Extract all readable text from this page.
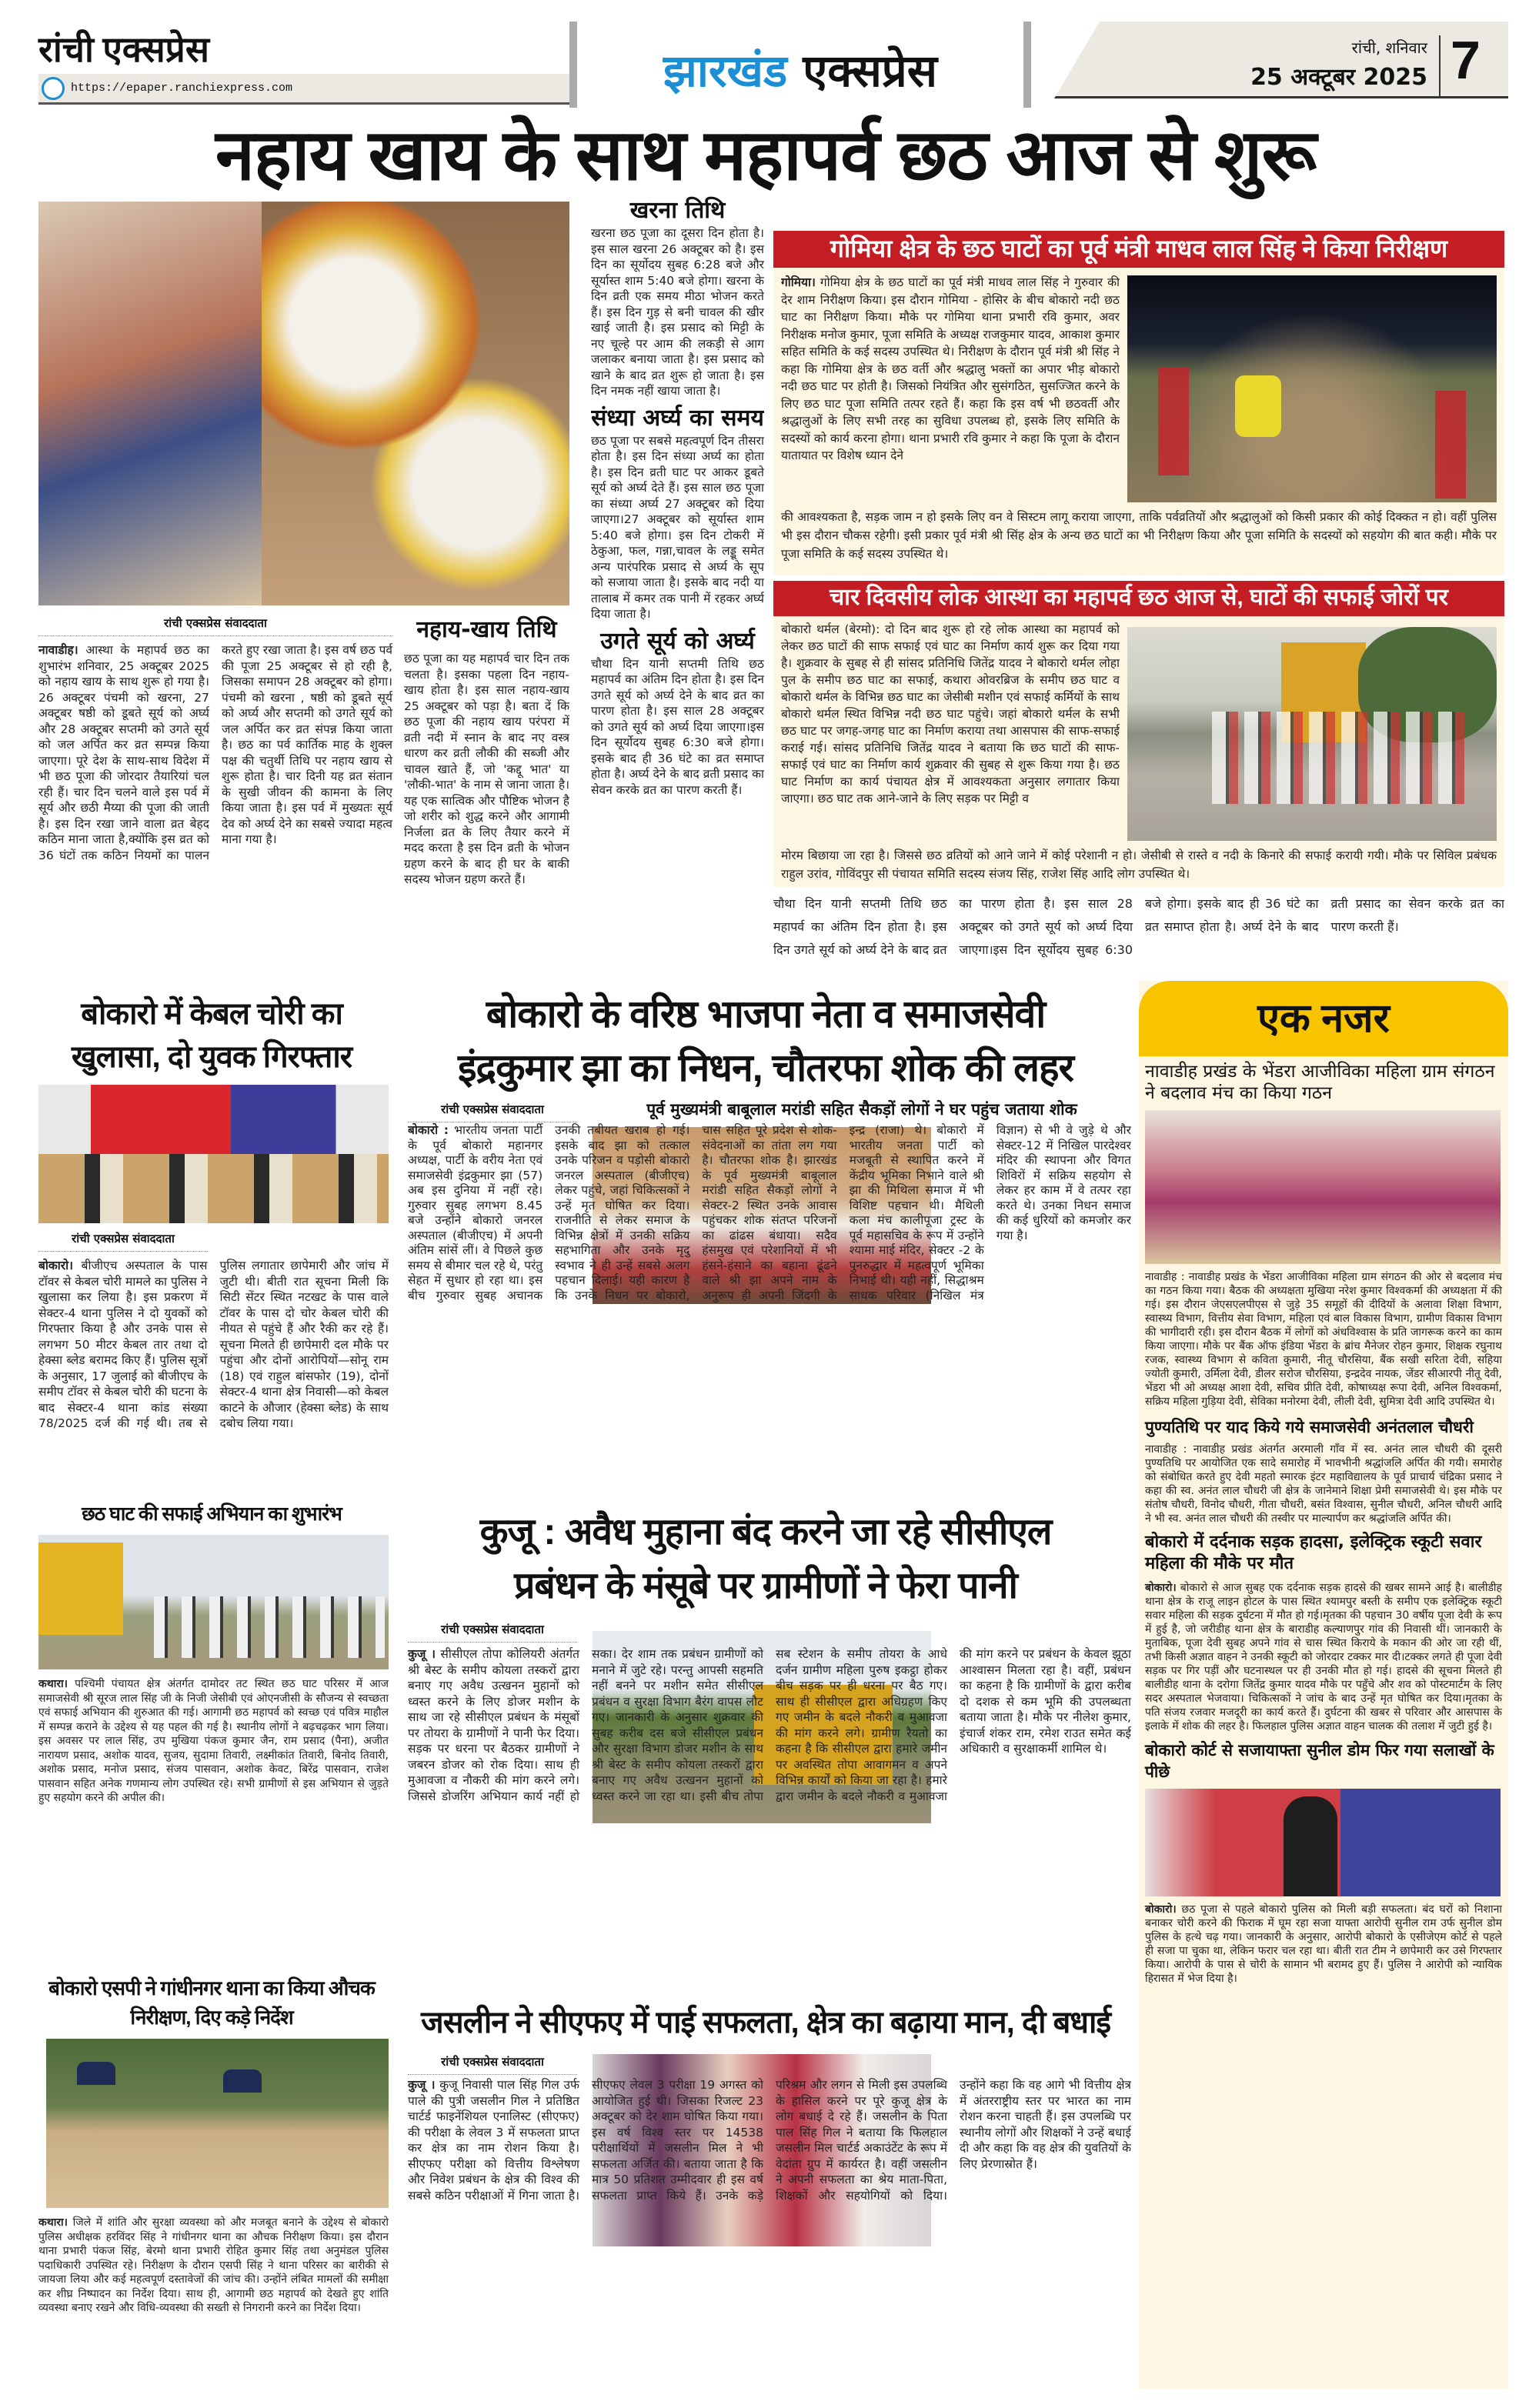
रांची एक्सप्रेस
https://epaper.ranchiexpress.com	झारखंड एक्सप्रेस	रांची, शनिवार
25 अक्टूबर 2025 7
नहाय खाय के साथ महापर्व छठ आज से शुरू
रांची एक्सप्रेस संवाददाता
नावाडीह। आस्था के महापर्व छठ का शुभारंभ शनिवार, 25 अक्टूबर 2025 को नहाय खाय के साथ शुरू हो गया है। 26 अक्टूबर पंचमी को खरना, 27 अक्टूबर षष्ठी को डूबते सूर्य को अर्घ्य और 28 अक्टूबर सप्तमी को उगते सूर्य को जल अर्पित कर व्रत सम्पन्न किया जाएगा। पूरे देश के साथ-साथ विदेश में भी छठ पूजा की जोरदार तैयारियां चल रही हैं। चार दिन चलने वाले इस पर्व में सूर्य और छठी मैय्या की पूजा की जाती है। इस दिन रखा जाने वाला व्रत बेहद कठिन माना जाता है,क्योंकि इस व्रत को 36 घंटों तक कठिन नियमों का पालन करते हुए रखा जाता है। इस वर्ष छठ पर्व की पूजा 25 अक्टूबर से हो रही है, जिसका समापन 28 अक्टूबर को होगा। पंचमी को खरना , षष्ठी को डूबते सूर्य को अर्घ्य और सप्तमी को उगते सूर्य को जल अर्पित कर व्रत संपन्न किया जाता है। छठ का पर्व कार्तिक माह के शुक्ल पक्ष की चतुर्थी तिथि पर नहाय खाय से शुरू होता है। चार दिनी यह व्रत संतान के सुखी जीवन की कामना के लिए किया जाता है। इस पर्व में मुख्यतः सूर्य देव को अर्घ्य देने का सबसे ज्यादा महत्व माना गया है।
नहाय-खाय तिथि
छठ पूजा का यह महापर्व चार दिन तक चलता है। इसका पहला दिन नहाय-खाय होता है। इस साल नहाय-खाय 25 अक्टूबर को पड़ा है। बता दें कि छठ पूजा की नहाय खाय परंपरा में व्रती नदी में स्नान के बाद नए वस्त्र धारण कर व्रती लौकी की सब्जी और चावल खाते हैं, जो 'कद्दू भात' या 'लौकी-भात' के नाम से जाना जाता है। यह एक सात्विक और पौष्टिक भोजन है जो शरीर को शुद्ध करने और आगामी निर्जला व्रत के लिए तैयार करने में मदद करता है इस दिन व्रती के भोजन ग्रहण करने के बाद ही घर के बाकी सदस्य भोजन ग्रहण करते हैं।
खरना तिथि
खरना छठ पूजा का दूसरा दिन होता है। इस साल खरना 26 अक्टूबर को है। इस दिन का सूर्योदय सुबह 6:28 बजे और सूर्यास्त शाम 5:40 बजे होगा। खरना के दिन व्रती एक समय मीठा भोजन करते हैं। इस दिन गुड़ से बनी चावल की खीर खाई जाती है। इस प्रसाद को मिट्टी के नए चूल्हे पर आम की लकड़ी से आग जलाकर बनाया जाता है। इस प्रसाद को खाने के बाद व्रत शुरू हो जाता है। इस दिन नमक नहीं खाया जाता है।
संध्या अर्घ्य का समय
छठ पूजा पर सबसे महत्वपूर्ण दिन तीसरा होता है। इस दिन संध्या अर्घ्य का होता है। इस दिन व्रती घाट पर आकर डूबते सूर्य को अर्घ्य देते हैं। इस साल छठ पूजा का संध्या अर्घ्य 27 अक्टूबर को दिया जाएगा।27 अक्टूबर को सूर्यास्त शाम 5:40 बजे होगा। इस दिन टोकरी में ठेकुआ, फल, गन्ना,चावल के लड्डू समेत अन्य पारंपरिक प्रसाद से अर्घ्य के सूप को सजाया जाता है। इसके बाद नदी या तालाब में कमर तक पानी में रहकर अर्घ्य दिया जाता है।
उगते सूर्य को अर्घ्य
चौथा दिन यानी सप्तमी तिथि छठ महापर्व का अंतिम दिन होता है। इस दिन उगते सूर्य को अर्घ्य देने के बाद व्रत का पारण होता है। इस साल 28 अक्टूबर को उगते सूर्य को अर्घ्य दिया जाएगा।इस दिन सूर्योदय सुबह 6:30 बजे होगा। इसके बाद ही 36 घंटे का व्रत समाप्त होता है। अर्घ्य देने के बाद व्रती प्रसाद का सेवन करके व्रत का पारण करती हैं।
गोमिया क्षेत्र के छठ घाटों का पूर्व मंत्री माधव लाल सिंह ने किया निरीक्षण
गोमिया। गोमिया क्षेत्र के छठ घाटों का पूर्व मंत्री माधव लाल सिंह ने गुरुवार की देर शाम निरीक्षण किया। इस दौरान गोमिया - होसिर के बीच बोकारो नदी छठ घाट का निरीक्षण किया। मौके पर गोमिया थाना प्रभारी रवि कुमार, अवर निरीक्षक मनोज कुमार, पूजा समिति के अध्यक्ष राजकुमार यादव, आकाश कुमार सहित समिति के कई सदस्य उपस्थित थे। निरीक्षण के दौरान पूर्व मंत्री श्री सिंह ने कहा कि गोमिया क्षेत्र के छठ वर्ती और श्रद्धालु भक्तों का अपार भीड़ बोकारो नदी छठ घाट पर होती है। जिसको नियंत्रित और सुसंगठित, सुसज्जित करने के लिए छठ घाट पूजा समिति तत्पर रहते हैं। कहा कि इस वर्ष भी छठवर्ती और श्रद्धालुओं के लिए सभी तरह का सुविधा उपलब्ध हो, इसके लिए समिति के सदस्यों को कार्य करना होगा। थाना प्रभारी रवि कुमार ने कहा कि पूजा के दौरान यातायात पर विशेष ध्यान देने
की आवश्यकता है, सड़क जाम न हो इसके लिए वन वे सिस्टम लागू कराया जाएगा, ताकि पर्वव्रतियों और श्रद्धालुओं को किसी प्रकार की कोई दिक्कत न हो। वहीं पुलिस भी इस दौरान चौकस रहेगी। इसी प्रकार पूर्व मंत्री श्री सिंह क्षेत्र के अन्य छठ घाटों का भी निरीक्षण किया और पूजा समिति के सदस्यों को सहयोग की बात कही। मौके पर पूजा समिति के कई सदस्य उपस्थित थे।
चार दिवसीय लोक आस्था का महापर्व छठ आज से, घाटों की सफाई जोरों पर
बोकारो थर्मल (बेरमो): दो दिन बाद शुरू हो रहे लोक आस्था का महापर्व को लेकर छठ घाटों की साफ सफाई एवं घाट का निर्माण कार्य शुरू कर दिया गया है। शुक्रवार के सुबह से ही सांसद प्रतिनिधि जितेंद्र यादव ने बोकारो थर्मल लोहा पुल के समीप छठ घाट का सफाई, कथारा ओवरब्रिज के समीप छठ घाट व बोकारो थर्मल के विभिन्न छठ घाट का जेसीबी मशीन एवं सफाई कर्मियों के साथ बोकारो थर्मल स्थित विभिन्न नदी छठ घाट पहुंचे। जहां बोकारो थर्मल के सभी छठ घाट पर जगह-जगह घाट का निर्माण कराया तथा आसपास की साफ-सफाई कराई गई। सांसद प्रतिनिधि जितेंद्र यादव ने बताया कि छठ घाटों की साफ-सफाई एवं घाट का निर्माण कार्य शुक्रवार की सुबह से शुरू किया गया है। छठ घाट निर्माण का कार्य पंचायत क्षेत्र में आवश्यकता अनुसार लगातार किया जाएगा। छठ घाट तक आने-जाने के लिए सड़क पर मिट्टी व
मोरम बिछाया जा रहा है। जिससे छठ व्रतियों को आने जाने में कोई परेशानी न हो। जेसीबी से रास्ते व नदी के किनारे की सफाई करायी गयी। मौके पर सिविल प्रबंधक राहुल उरांव, गोविंदपुर सी पंचायत समिति सदस्य संजय सिंह, राजेश सिंह आदि लोग उपस्थित थे।
चौथा दिन यानी सप्तमी तिथि छठ महापर्व का अंतिम दिन होता है। इस दिन उगते सूर्य को अर्घ्य देने के बाद व्रत का पारण होता है। इस साल 28 अक्टूबर को उगते सूर्य को अर्घ्य दिया जाएगा।इस दिन सूर्योदय सुबह 6:30 बजे होगा। इसके बाद ही 36 घंटे का व्रत समाप्त होता है। अर्घ्य देने के बाद व्रती प्रसाद का सेवन करके व्रत का पारण करती हैं।
बोकारो में केबल चोरी का खुलासा, दो युवक गिरफ्तार
रांची एक्सप्रेस संवाददाता
बोकारो। बीजीएच अस्पताल के पास टॉवर से केबल चोरी मामले का पुलिस ने खुलासा कर लिया है। इस प्रकरण में सेक्टर-4 थाना पुलिस ने दो युवकों को गिरफ्तार किया है और उनके पास से लगभग 50 मीटर केबल तार तथा दो हेक्सा ब्लेड बरामद किए हैं। पुलिस सूत्रों के अनुसार, 17 जुलाई को बीजीएच के समीप टॉवर से केबल चोरी की घटना के बाद सेक्टर-4 थाना कांड संख्या 78/2025 दर्ज की गई थी। तब से पुलिस लगातार छापेमारी और जांच में जुटी थी। बीती रात सूचना मिली कि सिटी सेंटर स्थित नटखट के पास वाले टॉवर के पास दो चोर केबल चोरी की नीयत से पहुंचे हैं और रैकी कर रहे हैं। सूचना मिलते ही छापेमारी दल मौके पर पहुंचा और दोनों आरोपियों—सोनू राम (18) एवं राहुल बांसफोर (19), दोनों सेक्टर-4 थाना क्षेत्र निवासी—को केबल काटने के औजार (हेक्सा ब्लेड) के साथ दबोच लिया गया।
बोकारो के वरिष्ठ भाजपा नेता व समाजसेवी
इंद्रकुमार झा का निधन, चौतरफा शोक की लहर
रांची एक्सप्रेस संवाददाता	पूर्व मुख्यमंत्री बाबूलाल मरांडी सहित सैकड़ों लोगों ने घर पहुंच जताया शोक
बोकारो : भारतीय जनता पार्टी के पूर्व बोकारो महानगर अध्यक्ष, पार्टी के वरीय नेता एवं समाजसेवी इंद्रकुमार झा (57) अब इस दुनिया में नहीं रहे। गुरुवार सुबह लगभग 8.45 बजे उन्होंने बोकारो जनरल अस्पताल (बीजीएच) में अपनी अंतिम सांसें लीं। वे पिछले कुछ समय से बीमार चल रहे थे, परंतु सेहत में सुधार हो रहा था। इस बीच गुरुवार सुबह अचानक उनकी तबीयत खराब हो गई। इसके बाद झा को तत्काल उनके परिजन व पड़ोसी बोकारो जनरल अस्पताल (बीजीएच) लेकर पहुंचे, जहां चिकित्सकों ने उन्हें मृत घोषित कर दिया। राजनीति से लेकर समाज के विभिन्न क्षेत्रों में उनकी सक्रिय सहभागिता और उनके मृदु स्वभाव ने ही उन्हें सबसे अलग पहचान दिलाई। यही कारण है कि उनके निधन पर बोकारो, चास सहित पूरे प्रदेश से शोक-संवेदनाओं का तांता लग गया है। चौतरफा शोक है। झारखंड के पूर्व मुख्यमंत्री बाबूलाल मरांडी सहित सैकड़ों लोगों ने सेक्टर-2 स्थित उनके आवास पहुंचकर शोक संतप्त परिजनों का ढांढस बंधाया। सदैव हंसमुख एवं परेशानियों में भी हंसने-हंसाने का बहाना ढूंढने वाले श्री झा अपने नाम के अनुरूप ही अपनी जिंदगी के इन्द्र (राजा) थे। बोकारो में भारतीय जनता पार्टी को मजबूती से स्थापित करने में केंद्रीय भूमिका निभाने वाले श्री झा की मिथिला समाज में भी विशिष्ट पहचान थी। मैथिली कला मंच कालीपूजा ट्रस्ट के पूर्व महासचिव के रूप में उन्होंने श्यामा माई मंदिर, सेक्टर -2 के पुनरुद्धार में महत्वपूर्ण भूमिका निभाई थी। यही नहीं, सिद्धाश्रम साधक परिवार (निखिल मंत्र विज्ञान) से भी वे जुड़े थे और सेक्टर-12 में निखिल पारदेश्वर मंदिर की स्थापना और विगत शिविरों में सक्रिय सहयोग से लेकर हर काम में वे तत्पर रहा करते थे। उनका निधन समाज की कई धुरियों को कमजोर कर गया है।
एक नजर
नावाडीह प्रखंड के भेंडरा आजीविका महिला ग्राम संगठन ने बदलाव मंच का किया गठन
नावाडीह : नावाडीह प्रखंड के भेंडरा आजीविका महिला ग्राम संगठन की ओर से बदलाव मंच का गठन किया गया। बैठक की अध्यक्षता मुखिया नरेश कुमार विश्वकर्मा की अध्यक्षता में की गई। इस दौरान जेएसएलपीएस से जुड़े 35 समूहों की दीदियों के अलावा शिक्षा विभाग, स्वास्थ्य विभाग, वित्तीय सेवा विभाग, महिला एवं बाल विकास विभाग, ग्रामीण विकास विभाग की भागीदारी रही। इस दौरान बैठक में लोगों को अंधविश्वास के प्रति जागरूक करने का काम किया जाएगा। मौके पर बैंक ऑफ इंडिया भेंडरा के ब्रांच मैनेजर रोहन कुमार, शिक्षक रघुनाथ रजक, स्वास्थ्य विभाग से कविता कुमारी, नीतू चौरसिया, बैंक सखी सरिता देवी, सहिया ज्योती कुमारी, उर्मिला देवी, डीलर सरोज चौरसिया, इन्द्रदेव नायक, जेंडर सीआरपी नीतू देवी, भेंडरा भी ओ अध्यक्ष आशा देवी, सचिव प्रीति देवी, कोषाध्यक्ष रूपा देवी, अनिल विश्वकर्मा, सक्रिय महिला गुड़िया देवी, सेविका मनोरमा देवी, लीली देवी, सुमित्रा देवी आदि उपस्थित थे।
पुण्यतिथि पर याद किये गये समाजसेवी अनंतलाल चौधरी
नावाडीह : नावाडीह प्रखंड अंतर्गत अरमाली गाँव में स्व. अनंत लाल चौधरी की दूसरी पुण्यतिथि पर आयोजित एक सादे समारोह में भावभीनी श्रद्धांजलि अर्पित की गयी। समारोह को संबोधित करते हुए देवी महतो स्मारक इंटर महाविद्यालय के पूर्व प्राचार्य चंद्रिका प्रसाद ने कहा की स्व. अनंत लाल चौधरी जी क्षेत्र के जानेमाने शिक्षा प्रेमी समाजसेवी थे। इस मौके पर संतोष चौधरी, विनोद चौधरी, गीता चौधरी, बसंत विश्वास, सुनील चौधरी, अनिल चौधरी आदि ने भी स्व. अनंत लाल चौधरी की तस्वीर पर माल्यार्पण कर श्रद्धांजलि अर्पित की।
बोकारो में दर्दनाक सड़क हादसा, इलेक्ट्रिक स्कूटी सवार महिला की मौके पर मौत
बोकारो। बोकारो से आज सुबह एक दर्दनाक सड़क हादसे की खबर सामने आई है। बालीडीह थाना क्षेत्र के राजू लाइन होटल के पास स्थित श्यामपुर बस्ती के समीप एक इलेक्ट्रिक स्कूटी सवार महिला की सड़क दुर्घटना में मौत हो गई।मृतका की पहचान 30 वर्षीय पूजा देवी के रूप में हुई है, जो जरीडीह थाना क्षेत्र के बाराडीह कल्याणपुर गांव की निवासी थीं। जानकारी के मुताबिक, पूजा देवी सुबह अपने गांव से चास स्थित किराये के मकान की ओर जा रही थीं, तभी किसी अज्ञात वाहन ने उनकी स्कूटी को जोरदार टक्कर मार दी।टक्कर लगते ही पूजा देवी सड़क पर गिर पड़ीं और घटनास्थल पर ही उनकी मौत हो गई। हादसे की सूचना मिलते ही बालीडीह थाना के दरोगा जितेंद्र कुमार यादव मौके पर पहुँचे और शव को पोस्टमार्टम के लिए सदर अस्पताल भेजवाया। चिकित्सकों ने जांच के बाद उन्हें मृत घोषित कर दिया।मृतका के पति संजय रजवार मजदूरी का कार्य करते हैं। दुर्घटना की खबर से परिवार और आसपास के इलाके में शोक की लहर है। फिलहाल पुलिस अज्ञात वाहन चालक की तलाश में जुटी हुई है।
बोकारो कोर्ट से सजायाफ्ता सुनील डोम फिर गया सलाखों के पीछे
बोकारो। छठ पूजा से पहले बोकारो पुलिस को मिली बड़ी सफलता। बंद घरों को निशाना बनाकर चोरी करने की फिराक में घूम रहा सजा याफ्ता आरोपी सुनील राम उर्फ सुनील डोम पुलिस के हत्थे चढ़ गया। जानकारी के अनुसार, आरोपी बोकारो के एसीजेएम कोर्ट से पहले ही सजा पा चुका था, लेकिन फरार चल रहा था। बीती रात टीम ने छापेमारी कर उसे गिरफ्तार किया। आरोपी के पास से चोरी के सामान भी बरामद हुए हैं। पुलिस ने आरोपी को न्यायिक हिरासत में भेज दिया है।
छठ घाट की सफाई अभियान का शुभारंभ
कथारा। पश्चिमी पंचायत क्षेत्र अंतर्गत दामोदर तट स्थित छठ घाट परिसर में आज समाजसेवी श्री सूरज लाल सिंह जी के निजी जेसीबी एवं ओएनजीसी के सौजन्य से स्वच्छता एवं सफाई अभियान की शुरुआत की गई। आगामी छठ महापर्व को स्वच्छ एवं पवित्र माहौल में सम्पन्न कराने के उद्देश्य से यह पहल की गई है। स्थानीय लोगों ने बढ़चढ़कर भाग लिया। इस अवसर पर लाल सिंह, उप मुखिया पंकज कुमार जैन, राम प्रसाद (पैना), अजीत नारायण प्रसाद, अशोक यादव, सुजय, सुदामा तिवारी, लक्ष्मीकांत तिवारी, बिनोद तिवारी, अशोक प्रसाद, मनोज प्रसाद, संजय पासवान, अशोक केवट, बिरेंद्र पासवान, राजेश पासवान सहित अनेक गणमान्य लोग उपस्थित रहे। सभी ग्रामीणों से इस अभियान से जुड़ते हुए सहयोग करने की अपील की।
बोकारो एसपी ने गांधीनगर थाना का किया औचक निरीक्षण, दिए कड़े निर्देश
कथारा। जिले में शांति और सुरक्षा व्यवस्था को और मजबूत बनाने के उद्देश्य से बोकारो पुलिस अधीक्षक हरविंदर सिंह ने गांधीनगर थाना का औचक निरीक्षण किया। इस दौरान थाना प्रभारी पंकज सिंह, बेरमो थाना प्रभारी रोहित कुमार सिंह तथा अनुमंडल पुलिस पदाधिकारी उपस्थित रहे। निरीक्षण के दौरान एसपी सिंह ने थाना परिसर का बारीकी से जायजा लिया और कई महत्वपूर्ण दस्तावेजों की जांच की। उन्होंने लंबित मामलों की समीक्षा कर शीघ्र निष्पादन का निर्देश दिया। साथ ही, आगामी छठ महापर्व को देखते हुए शांति व्यवस्था बनाए रखने और विधि-व्यवस्था की सख्ती से निगरानी करने का निर्देश दिया।
कुजू : अवैध मुहाना बंद करने जा रहे सीसीएल
प्रबंधन के मंसूबे पर ग्रामीणों ने फेरा पानी
रांची एक्सप्रेस संवाददाता
कुजू । सीसीएल तोपा कोलियरी अंतर्गत श्री बेस्ट के समीप कोयला तस्करों द्वारा बनाए गए अवैध उत्खनन मुहानों को ध्वस्त करने के लिए डोजर मशीन के साथ जा रहे सीसीएल प्रबंधन के मंसूबों पर तोयरा के ग्रामीणों ने पानी फेर दिया। सड़क पर धरना पर बैठकर ग्रामीणों ने जबरन डोजर को रोक दिया। साथ ही मुआवजा व नौकरी की मांग करने लगे। जिससे डोजरिंग अभियान कार्य नहीं हो सका। देर शाम तक प्रबंधन ग्रामीणों को मनाने में जुटे रहे। परन्तु आपसी सहमति नहीं बनने पर मशीन समेत सीसीएल प्रबंधन व सुरक्षा विभाग बैरंग वापस लौट गए। जानकारी के अनुसार शुक्रवार की सुबह करीब दस बजे सीसीएल प्रबंधन और सुरक्षा विभाग डोजर मशीन के साथ श्री बेस्ट के समीप कोयला तस्करों द्वारा बनाए गए अवैध उत्खनन मुहानों को ध्वस्त करने जा रहा था। इसी बीच तोपा सब स्टेशन के समीप तोयरा के आधे दर्जन ग्रामीण महिला पुरुष इकट्ठा होकर बीच सड़क पर ही धरना पर बैठ गए। साथ ही सीसीएल द्वारा अधिग्रहण किए गए जमीन के बदले नौकरी व मुआवजा की मांग करने लगे। ग्रामीण रैयतो का कहना है कि सीसीएल द्वारा हमारे जमीन पर अवस्थित तोपा आवागमन व अपने विभिन्न कार्यों को किया जा रहा है। हमारे द्वारा जमीन के बदले नौकरी व मुआवजा की मांग करने पर प्रबंधन के केवल झूठा आश्वासन मिलता रहा है। वहीं, प्रबंधन का कहना है कि ग्रामीणों के द्वारा करीब दो दशक से कम भूमि की उपलब्धता बताया जाता है। मौके पर नीलेश कुमार, इंचार्ज शंकर राम, रमेश राउत समेत कई अधिकारी व सुरक्षाकर्मी शामिल थे।
जसलीन ने सीएफए में पाई सफलता, क्षेत्र का बढ़ाया मान, दी बधाई
रांची एक्सप्रेस संवाददाता
कुजू । कुजू निवासी पाल सिंह गिल उर्फ पाले की पुत्री जसलीन गिल ने प्रतिष्ठित चार्टर्ड फाइनेंशियल एनालिस्ट (सीएफए) की परीक्षा के लेवल 3 में सफलता प्राप्त कर क्षेत्र का नाम रोशन किया है। सीएफए परीक्षा को वित्तीय विश्लेषण और निवेश प्रबंधन के क्षेत्र की विश्व की सबसे कठिन परीक्षाओं में गिना जाता है। सीएफए लेवल 3 परीक्षा 19 अगस्त को आयोजित हुई थी। जिसका रिजल्ट 23 अक्टूबर को देर शाम घोषित किया गया। इस वर्ष विश्व स्तर पर 14538 परीक्षार्थियों में जसलीन मिल ने भी सफलता अर्जित की। बताया जाता है कि मात्र 50 प्रतिशत उम्मीदवार ही इस वर्ष सफलता प्राप्त किये हैं। उनके कड़े परिश्रम और लगन से मिली इस उपलब्धि के हासिल करने पर पूरे कुजू क्षेत्र के लोग बधाई दे रहे हैं। जसलीन के पिता पाल सिंह गिल ने बताया कि फिलहाल जसलीन मिल चार्टर्ड अकाउंटेंट के रूप में वेदांता ग्रुप में कार्यरत है। वहीं जसलीन ने अपनी सफलता का श्रेय माता-पिता, शिक्षकों और सहयोगियों को दिया। उन्होंने कहा कि वह आगे भी वित्तीय क्षेत्र में अंतरराष्ट्रीय स्तर पर भारत का नाम रोशन करना चाहती हैं। इस उपलब्धि पर स्थानीय लोगों और शिक्षकों ने उन्हें बधाई दी और कहा कि वह क्षेत्र की युवतियों के लिए प्रेरणास्रोत हैं।
